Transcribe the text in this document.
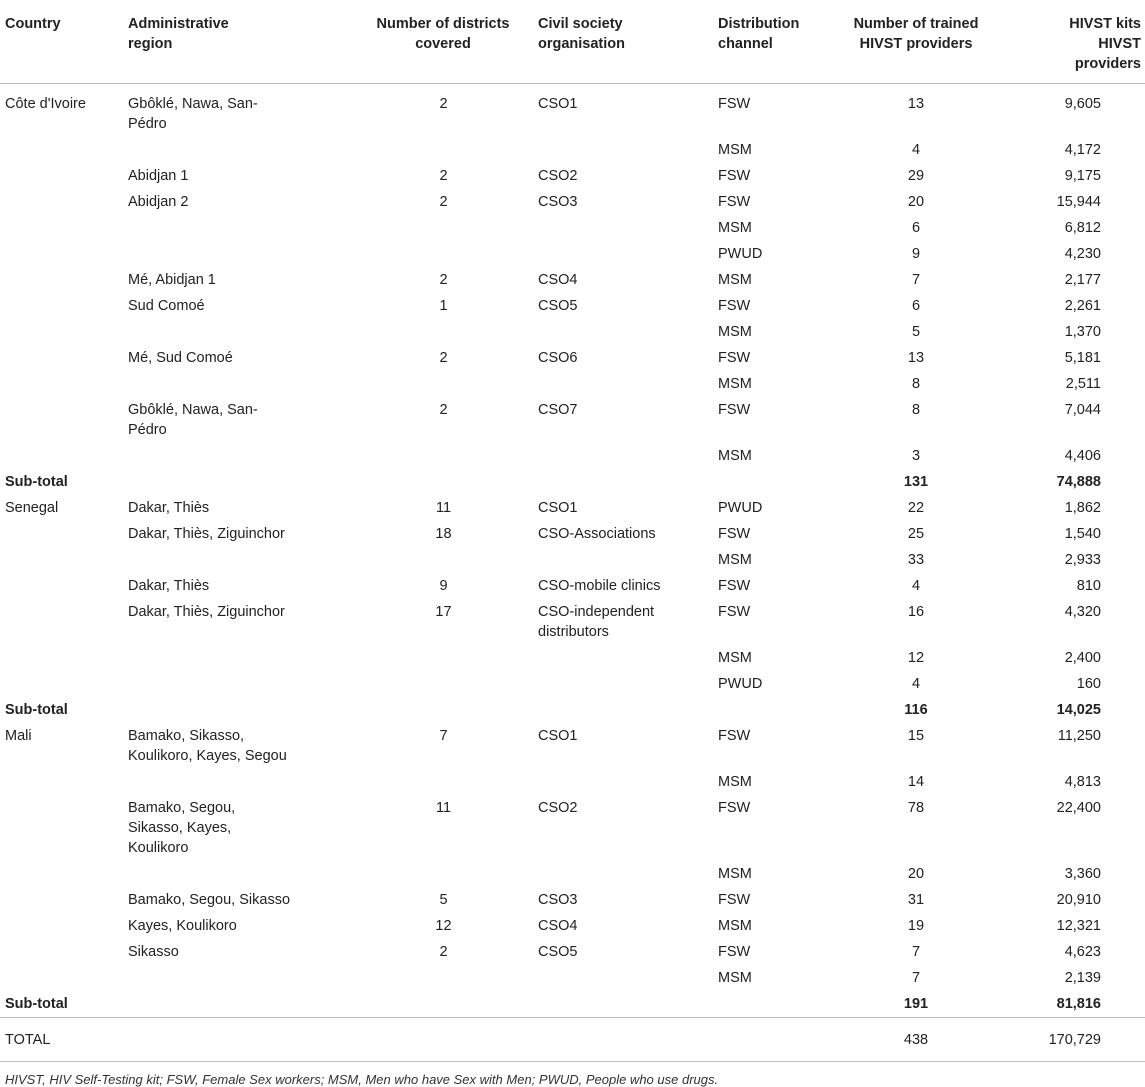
Country	Administrative region	Number of districts covered	Civil society organisation	Distribution channel	Number of trained HIVST providers	HIVST kits HIVST providers
Côte d'Ivoire	Gbôklé, Nawa, San-Pédro	2	CSO1	FSW	13	9,605
				MSM	4	4,172
	Abidjan 1	2	CSO2	FSW	29	9,175
	Abidjan 2	2	CSO3	FSW	20	15,944
				MSM	6	6,812
				PWUD	9	4,230
	Mé, Abidjan 1	2	CSO4	MSM	7	2,177
	Sud Comoé	1	CSO5	FSW	6	2,261
				MSM	5	1,370
	Mé, Sud Comoé	2	CSO6	FSW	13	5,181
				MSM	8	2,511
	Gbôklé, Nawa, San-Pédro	2	CSO7	FSW	8	7,044
				MSM	3	4,406
Sub-total					131	74,888
Senegal	Dakar, Thiès	11	CSO1	PWUD	22	1,862
	Dakar, Thiès, Ziguinchor	18	CSO-Associations	FSW	25	1,540
				MSM	33	2,933
	Dakar, Thiès	9	CSO-mobile clinics	FSW	4	810
	Dakar, Thiès, Ziguinchor	17	CSO-independent distributors	FSW	16	4,320
				MSM	12	2,400
				PWUD	4	160
Sub-total					116	14,025
Mali	Bamako, Sikasso, Koulikoro, Kayes, Segou	7	CSO1	FSW	15	11,250
				MSM	14	4,813
	Bamako, Segou, Sikasso, Kayes, Koulikoro	11	CSO2	FSW	78	22,400
				MSM	20	3,360
	Bamako, Segou, Sikasso	5	CSO3	FSW	31	20,910
	Kayes, Koulikoro	12	CSO4	MSM	19	12,321
	Sikasso	2	CSO5	FSW	7	4,623
				MSM	7	2,139
Sub-total					191	81,816
TOTAL					438	170,729
HIVST, HIV Self-Testing kit; FSW, Female Sex workers; MSM, Men who have Sex with Men; PWUD, People who use drugs.
